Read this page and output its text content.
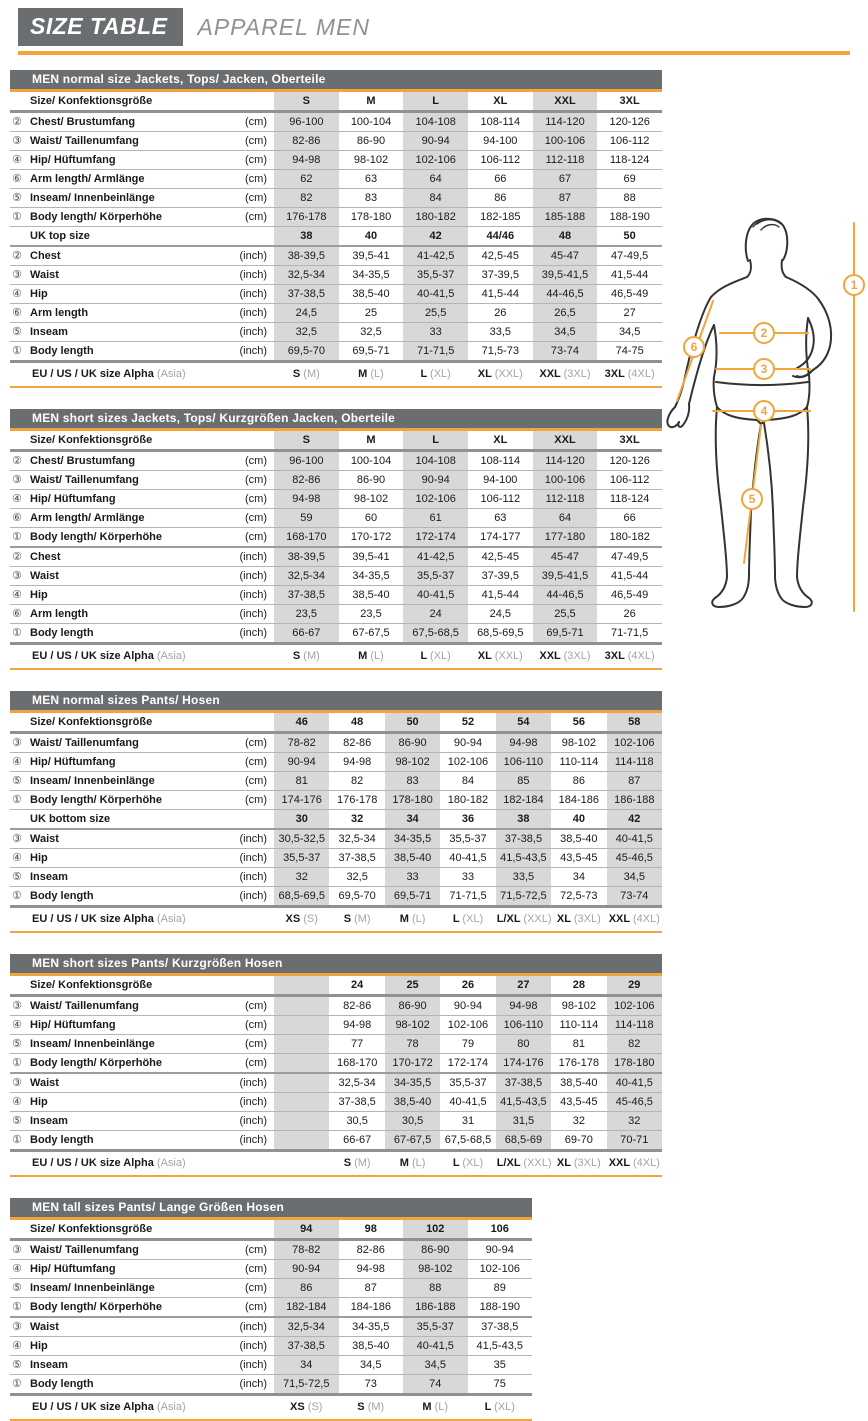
SIZE TABLE	APPAREL MEN
MEN normal size Jackets, Tops/ Jacken, Oberteile
Size/ Konfektionsgröße		S	M	L	XL	XXL	3XL

② Chest/ Brustumfang	(cm)	96-100	100-104	104-108	108-114	114-120	120-126

③ Waist/ Taillenumfang	(cm)	82-86	86-90	90-94	94-100	100-106	106-112

④ Hip/ Hüftumfang	(cm)	94-98	98-102	102-106	106-112	112-118	118-124

⑥ Arm length/ Armlänge	(cm)	62	63	64	66	67	69

⑤ Inseam/ Innenbeinlänge	(cm)	82	83	84	86	87	88

① Body length/ Körperhöhe	(cm)	176-178	178-180	180-182	182-185	185-188	188-190
UK top size		38	40	42	44/46	48	50

② Chest	(inch)	38-39,5	39,5-41	41-42,5	42,5-45	45-47	47-49,5

③ Waist	(inch)	32,5-34	34-35,5	35,5-37	37-39,5	39,5-41,5	41,5-44

④ Hip	(inch)	37-38,5	38,5-40	40-41,5	41,5-44	44-46,5	46,5-49

⑥ Arm length	(inch)	24,5	25	25,5	26	26,5	27

⑤ Inseam	(inch)	32,5	32,5	33	33,5	34,5	34,5

① Body length	(inch)	69,5-70	69,5-71	71-71,5	71,5-73	73-74	74-75
EU / US / UK size Alpha (Asia)		S (M)	M (L)	L (XL)	XL (XXL)	XXL (3XL)	3XL (4XL)
MEN short sizes Jackets, Tops/ Kurzgrößen Jacken, Oberteile
Size/ Konfektionsgröße		S	M	L	XL	XXL	3XL

② Chest/ Brustumfang	(cm)	96-100	100-104	104-108	108-114	114-120	120-126

③ Waist/ Taillenumfang	(cm)	82-86	86-90	90-94	94-100	100-106	106-112

④ Hip/ Hüftumfang	(cm)	94-98	98-102	102-106	106-112	112-118	118-124

⑥ Arm length/ Armlänge	(cm)	59	60	61	63	64	66

① Body length/ Körperhöhe	(cm)	168-170	170-172	172-174	174-177	177-180	180-182

② Chest	(inch)	38-39,5	39,5-41	41-42,5	42,5-45	45-47	47-49,5

③ Waist	(inch)	32,5-34	34-35,5	35,5-37	37-39,5	39,5-41,5	41,5-44

④ Hip	(inch)	37-38,5	38,5-40	40-41,5	41,5-44	44-46,5	46,5-49

⑥ Arm length	(inch)	23,5	23,5	24	24,5	25,5	26

① Body length	(inch)	66-67	67-67,5	67,5-68,5	68,5-69,5	69,5-71	71-71,5
EU / US / UK size Alpha (Asia)		S (M)	M (L)	L (XL)	XL (XXL)	XXL (3XL)	3XL (4XL)
MEN normal sizes Pants/ Hosen
Size/ Konfektionsgröße		46	48	50	52	54	56	58

③ Waist/ Taillenumfang	(cm)	78-82	82-86	86-90	90-94	94-98	98-102	102-106

④ Hip/ Hüftumfang	(cm)	90-94	94-98	98-102	102-106	106-110	110-114	114-118

⑤ Inseam/ Innenbeinlänge	(cm)	81	82	83	84	85	86	87

① Body length/ Körperhöhe	(cm)	174-176	176-178	178-180	180-182	182-184	184-186	186-188
UK bottom size		30	32	34	36	38	40	42

③ Waist	(inch)	30,5-32,5	32,5-34	34-35,5	35,5-37	37-38,5	38,5-40	40-41,5

④ Hip	(inch)	35,5-37	37-38,5	38,5-40	40-41,5	41,5-43,5	43,5-45	45-46,5

⑤ Inseam	(inch)	32	32,5	33	33	33,5	34	34,5

① Body length	(inch)	68,5-69,5	69,5-70	69,5-71	71-71,5	71,5-72,5	72,5-73	73-74
EU / US / UK size Alpha (Asia)		XS (S)	S (M)	M (L)	L (XL)	L/XL (XXL)	XL (3XL)	XXL (4XL)
MEN short sizes Pants/ Kurzgrößen Hosen
Size/ Konfektionsgröße			24	25	26	27	28	29

③ Waist/ Taillenumfang	(cm)		82-86	86-90	90-94	94-98	98-102	102-106

④ Hip/ Hüftumfang	(cm)		94-98	98-102	102-106	106-110	110-114	114-118

⑤ Inseam/ Innenbeinlänge	(cm)		77	78	79	80	81	82

① Body length/ Körperhöhe	(cm)		168-170	170-172	172-174	174-176	176-178	178-180

③ Waist	(inch)		32,5-34	34-35,5	35,5-37	37-38,5	38,5-40	40-41,5

④ Hip	(inch)		37-38,5	38,5-40	40-41,5	41,5-43,5	43,5-45	45-46,5

⑤ Inseam	(inch)		30,5	30,5	31	31,5	32	32

① Body length	(inch)		66-67	67-67,5	67,5-68,5	68,5-69	69-70	70-71
EU / US / UK size Alpha (Asia)			S (M)	M (L)	L (XL)	L/XL (XXL)	XL (3XL)	XXL (4XL)
MEN tall sizes Pants/ Lange Größen Hosen
Size/ Konfektionsgröße		94	98	102	106

③ Waist/ Taillenumfang	(cm)	78-82	82-86	86-90	90-94

④ Hip/ Hüftumfang	(cm)	90-94	94-98	98-102	102-106

⑤ Inseam/ Innenbeinlänge	(cm)	86	87	88	89

① Body length/ Körperhöhe	(cm)	182-184	184-186	186-188	188-190

③ Waist	(inch)	32,5-34	34-35,5	35,5-37	37-38,5

④ Hip	(inch)	37-38,5	38,5-40	40-41,5	41,5-43,5

⑤ Inseam	(inch)	34	34,5	34,5	35

① Body length	(inch)	71,5-72,5	73	74	75
EU / US / UK size Alpha (Asia)		XS (S)	S (M)	M (L)	L (XL)
1
2
3
4
5
6
